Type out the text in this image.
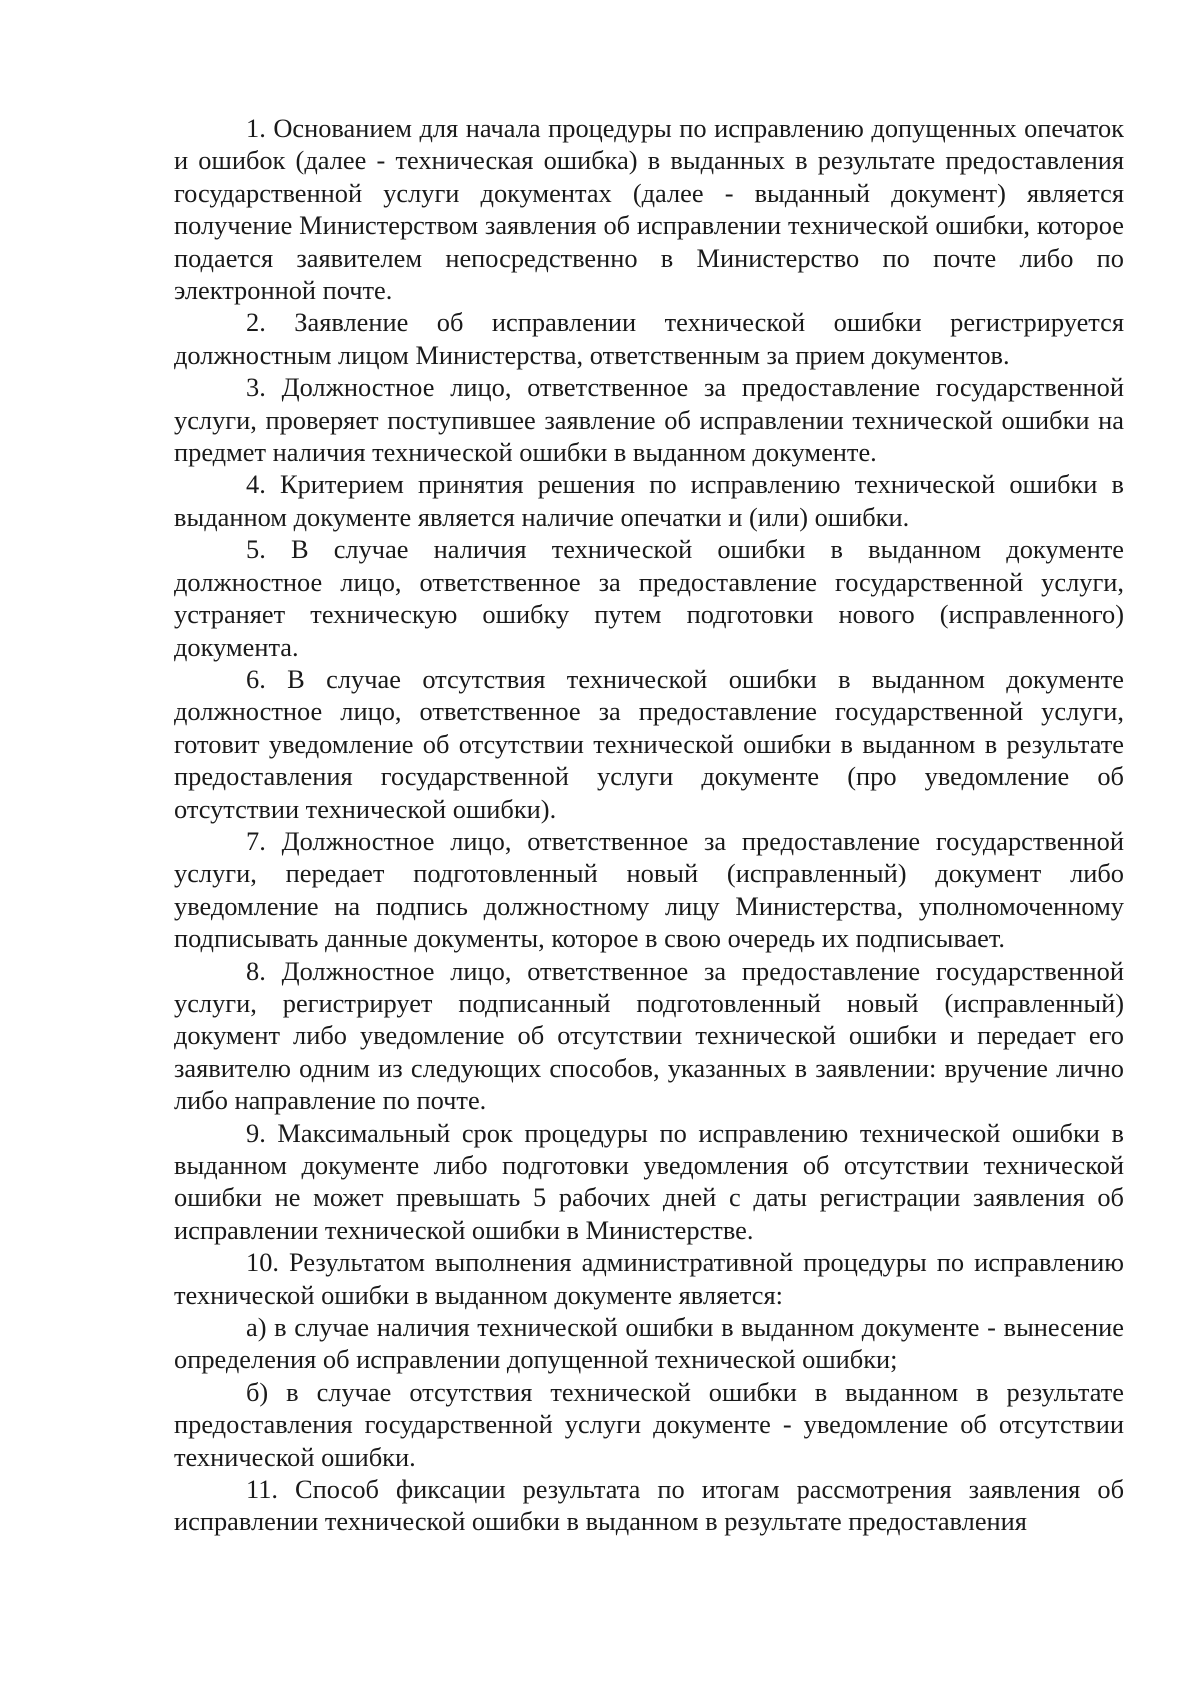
1. Основанием для начала процедуры по исправлению допущенных опечаток и ошибок (далее - техническая ошибка) в выданных в результате предоставления государственной услуги документах (далее - выданный документ) является получение Министерством заявления об исправлении технической ошибки, которое подается заявителем непосредственно в Министерство по почте либо по электронной почте.

2. Заявление об исправлении технической ошибки регистрируется должностным лицом Министерства, ответственным за прием документов.

3. Должностное лицо, ответственное за предоставление государственной услуги, проверяет поступившее заявление об исправлении технической ошибки на предмет наличия технической ошибки в выданном документе.

4. Критерием принятия решения по исправлению технической ошибки в выданном документе является наличие опечатки и (или) ошибки.

5. В случае наличия технической ошибки в выданном документе должностное лицо, ответственное за предоставление государственной услуги, устраняет техническую ошибку путем подготовки нового (исправленного) документа.

6. В случае отсутствия технической ошибки в выданном документе должностное лицо, ответственное за предоставление государственной услуги, готовит уведомление об отсутствии технической ошибки в выданном в результате предоставления государственной услуги документе (про уведомление об отсутствии технической ошибки).

7. Должностное лицо, ответственное за предоставление государственной услуги, передает подготовленный новый (исправленный) документ либо уведомление на подпись должностному лицу Министерства, уполномоченному подписывать данные документы, которое в свою очередь их подписывает.

8. Должностное лицо, ответственное за предоставление государственной услуги, регистрирует подписанный подготовленный новый (исправленный) документ либо уведомление об отсутствии технической ошибки и передает его заявителю одним из следующих способов, указанных в заявлении: вручение лично либо направление по почте.

9. Максимальный срок процедуры по исправлению технической ошибки в выданном документе либо подготовки уведомления об отсутствии технической ошибки не может превышать 5 рабочих дней с даты регистрации заявления об исправлении технической ошибки в Министерстве.

10. Результатом выполнения административной процедуры по исправлению технической ошибки в выданном документе является:

а) в случае наличия технической ошибки в выданном документе - вынесение определения об исправлении допущенной технической ошибки;

б) в случае отсутствия технической ошибки в выданном в результате предоставления государственной услуги документе - уведомление об отсутствии технической ошибки.

11. Способ фиксации результата по итогам рассмотрения заявления об исправлении технической ошибки в выданном в результате предоставления
